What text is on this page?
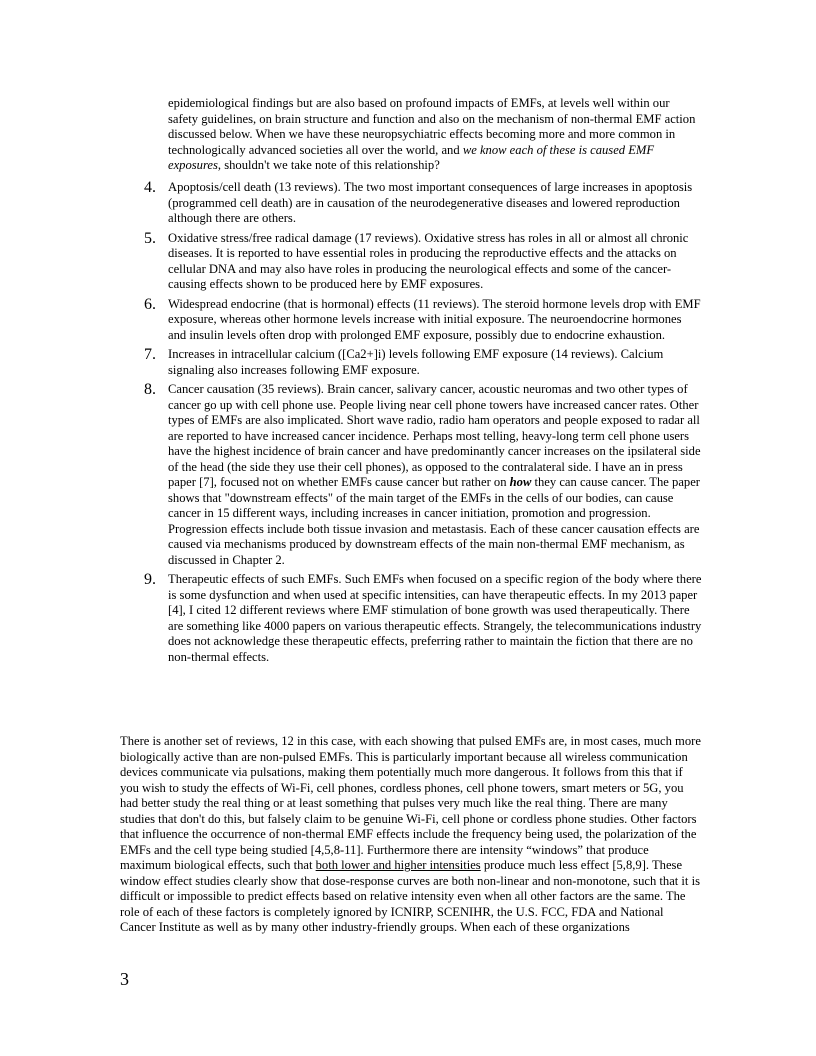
epidemiological findings but are also based on profound impacts of EMFs, at levels well within our safety guidelines, on brain structure and function and also on the mechanism of non-thermal EMF action discussed below. When we have these neuropsychiatric effects becoming more and more common in technologically advanced societies all over the world, and we know each of these is caused EMF exposures, shouldn't we take note of this relationship?

4. Apoptosis/cell death (13 reviews). The two most important consequences of large increases in apoptosis (programmed cell death) are in causation of the neurodegenerative diseases and lowered reproduction although there are others.
5. Oxidative stress/free radical damage (17 reviews). Oxidative stress has roles in all or almost all chronic diseases. It is reported to have essential roles in producing the reproductive effects and the attacks on cellular DNA and may also have roles in producing the neurological effects and some of the cancer-causing effects shown to be produced here by EMF exposures.
6. Widespread endocrine (that is hormonal) effects (11 reviews). The steroid hormone levels drop with EMF exposure, whereas other hormone levels increase with initial exposure. The neuroendocrine hormones and insulin levels often drop with prolonged EMF exposure, possibly due to endocrine exhaustion.
7. Increases in intracellular calcium ([Ca2+]i) levels following EMF exposure (14 reviews). Calcium signaling also increases following EMF exposure.
8. Cancer causation (35 reviews). Brain cancer, salivary cancer, acoustic neuromas and two other types of cancer go up with cell phone use. People living near cell phone towers have increased cancer rates. Other types of EMFs are also implicated. Short wave radio, radio ham operators and people exposed to radar all are reported to have increased cancer incidence. Perhaps most telling, heavy-long term cell phone users have the highest incidence of brain cancer and have predominantly cancer increases on the ipsilateral side of the head (the side they use their cell phones), as opposed to the contralateral side. I have an in press paper [7], focused not on whether EMFs cause cancer but rather on how they can cause cancer. The paper shows that "downstream effects" of the main target of the EMFs in the cells of our bodies, can cause cancer in 15 different ways, including increases in cancer initiation, promotion and progression. Progression effects include both tissue invasion and metastasis. Each of these cancer causation effects are caused via mechanisms produced by downstream effects of the main non-thermal EMF mechanism, as discussed in Chapter 2.
9. Therapeutic effects of such EMFs. Such EMFs when focused on a specific region of the body where there is some dysfunction and when used at specific intensities, can have therapeutic effects. In my 2013 paper [4], I cited 12 different reviews where EMF stimulation of bone growth was used therapeutically. There are something like 4000 papers on various therapeutic effects. Strangely, the telecommunications industry does not acknowledge these therapeutic effects, preferring rather to maintain the fiction that there are no non-thermal effects.

There is another set of reviews, 12 in this case, with each showing that pulsed EMFs are, in most cases, much more biologically active than are non-pulsed EMFs. This is particularly important because all wireless communication devices communicate via pulsations, making them potentially much more dangerous. It follows from this that if you wish to study the effects of Wi-Fi, cell phones, cordless phones, cell phone towers, smart meters or 5G, you had better study the real thing or at least something that pulses very much like the real thing. There are many studies that don't do this, but falsely claim to be genuine Wi-Fi, cell phone or cordless phone studies. Other factors that influence the occurrence of non-thermal EMF effects include the frequency being used, the polarization of the EMFs and the cell type being studied [4,5,8-11]. Furthermore there are intensity “windows” that produce maximum biological effects, such that both lower and higher intensities produce much less effect [5,8,9]. These window effect studies clearly show that dose-response curves are both non-linear and non-monotone, such that it is difficult or impossible to predict effects based on relative intensity even when all other factors are the same. The role of each of these factors is completely ignored by ICNIRP, SCENIHR, the U.S. FCC, FDA and National Cancer Institute as well as by many other industry-friendly groups. When each of these organizations

3
